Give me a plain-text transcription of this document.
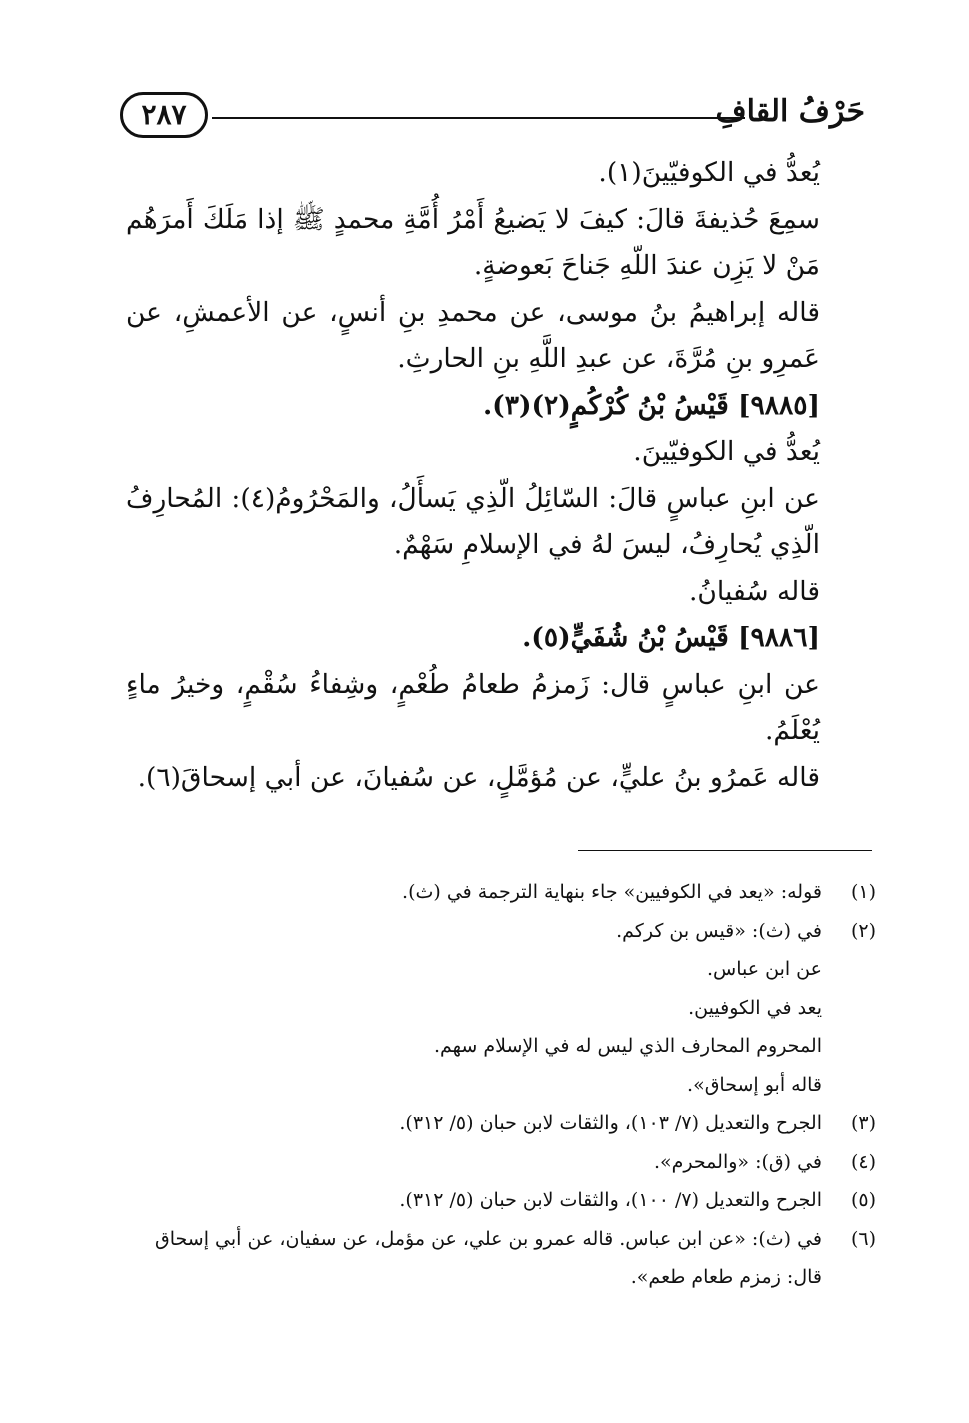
حَرْفُ القافِ
٢٨٧

يُعدُّ في الكوفيّينَ(١).

سمِعَ حُذيفةَ قالَ: كيفَ لا يَضيعُ أَمْرُ أُمَّةِ محمدٍ ﷺ إذا مَلَكَ أَمرَهُم مَنْ لا يَزِن عندَ اللّهِ جَناحَ بَعوضةٍ.

قاله إبراهيمُ بنُ موسى، عن محمدِ بنِ أنسٍ، عن الأعمشِ، عن عَمرِو بنِ مُرَّةَ، عن عبدِ اللَّهِ بنِ الحارثِ.

[٩٨٨٥] قَيْسُ بْنُ كُرْكُمٍ(٢)(٣).

يُعدُّ في الكوفيّينَ.

عن ابنِ عباسٍ قالَ: السّائِلُ الّذِي يَسأَلُ، والمَحْرُومُ(٤): المُحارِفُ الّذِي يُحارِفُ، ليسَ لهُ في الإسلامِ سَهْمٌ.

قاله سُفيانُ.

[٩٨٨٦] قَيْسُ بْنُ شُفَيٍّ(٥).

عن ابنِ عباسٍ قال: زَمزمُ طعامُ طُعْمٍ، وشِفاءُ سُقْمٍ، وخيرُ ماءٍ يُعْلَمُ.

قاله عَمرُو بنُ عليٍّ، عن مُؤمَّلٍ، عن سُفيانَ، عن أبي إسحاقَ(٦).

(١)
قوله: «يعد في الكوفيين» جاء بنهاية الترجمة في (ث).
(٢)
في (ث): «قيس بن كركم.

عن ابن عباس.

يعد في الكوفيين.

المحروم المحارف الذي ليس له في الإسلام سهم.

قاله أبو إسحاق».

(٣)
الجرح والتعديل (٧/ ١٠٣)، والثقات لابن حبان (٥/ ٣١٢).
(٤)
في (ق): «والمحرم».
(٥)
الجرح والتعديل (٧/ ١٠٠)، والثقات لابن حبان (٥/ ٣١٢).
(٦)
في (ث): «عن ابن عباس. قاله عمرو بن علي، عن مؤمل، عن سفيان، عن أبي إسحاق قال: زمزم طعام طعم».
